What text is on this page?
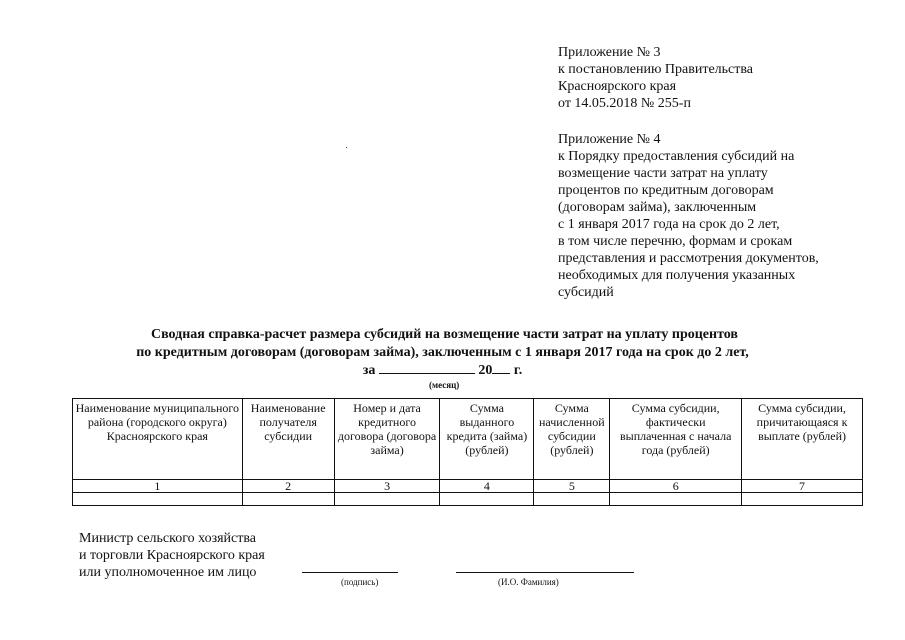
Приложение № 3
к постановлению Правительства
Красноярского края
от 14.05.2018 № 255-п
Приложение № 4
к Порядку предоставления субсидий на
возмещение части затрат на уплату
процентов по кредитным договорам
(договорам займа), заключенным
с 1 января 2017 года на срок до 2 лет,
в том числе перечню, формам и срокам
представления и рассмотрения документов,
необходимых для получения указанных
субсидий
Сводная справка-расчет размера субсидий на возмещение части затрат на уплату процентов
по кредитным договорам (договорам займа), заключенным с 1 января 2017 года на срок до 2 лет,
за	20 г.
(месяц)
Наименование муниципального района (городского округа) Красноярского края	Наименование получателя субсидии	Номер и дата кредитного договора (договора займа)	Сумма выданного кредита (займа) (рублей)	Сумма начисленной субсидии (рублей)	Сумма субсидии, фактически выплаченная с начала года (рублей)	Сумма субсидии, причитающаяся к выплате (рублей)
1	2	3	4	5	6	7

Министр сельского хозяйства
и торговли Красноярского края
или уполномоченное им лицо
(подпись)	(И.О. Фамилия)
